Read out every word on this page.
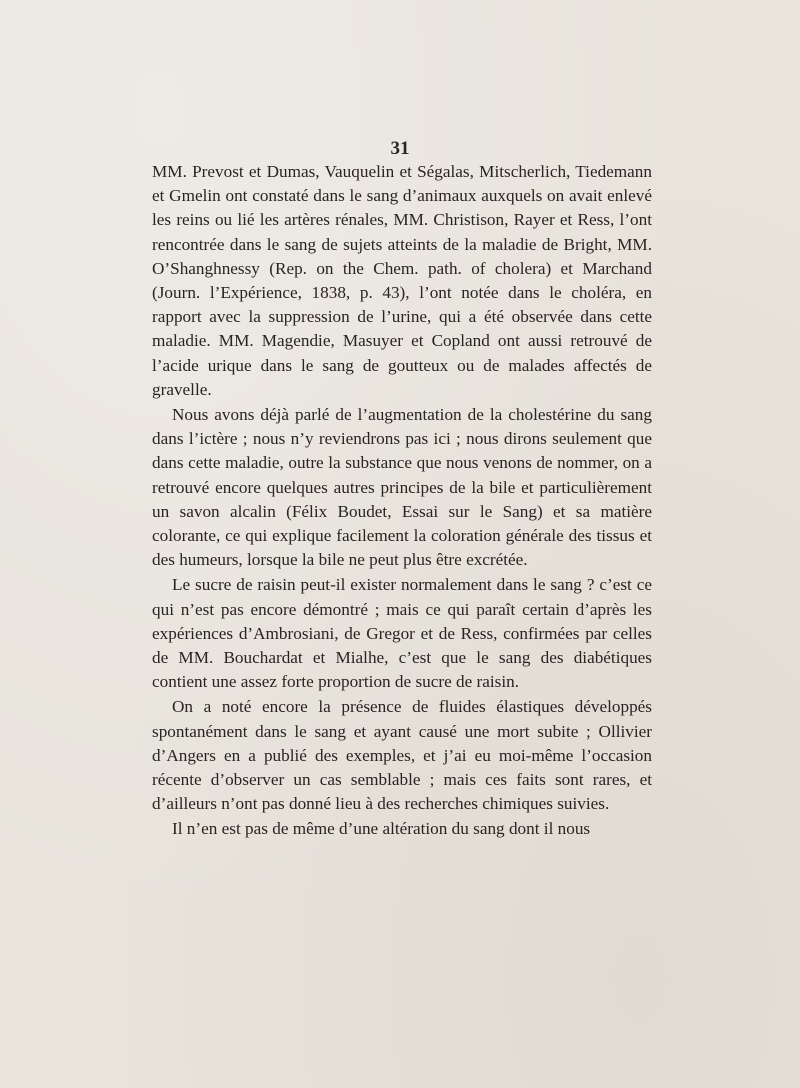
31

MM. Prevost et Dumas, Vauquelin et Ségalas, Mitscherlich, Tiedemann et Gmelin ont constaté dans le sang d’animaux auxquels on avait enlevé les reins ou lié les artères rénales, MM. Christison, Rayer et Ress, l’ont rencontrée dans le sang de sujets atteints de la maladie de Bright, MM. O’Shanghnessy (Rep. on the Chem. path. of cholera) et Marchand (Journ. l’Expérience, 1838, p. 43), l’ont notée dans le choléra, en rapport avec la suppression de l’urine, qui a été observée dans cette maladie. MM. Magendie, Masuyer et Copland ont aussi retrouvé de l’acide urique dans le sang de goutteux ou de malades affectés de gravelle.

Nous avons déjà parlé de l’augmentation de la cholestérine du sang dans l’ictère ; nous n’y reviendrons pas ici ; nous dirons seulement que dans cette maladie, outre la substance que nous venons de nommer, on a retrouvé encore quelques autres principes de la bile et particulièrement un savon alcalin (Félix Boudet, Essai sur le Sang) et sa matière colorante, ce qui explique facilement la coloration générale des tissus et des humeurs, lorsque la bile ne peut plus être excrétée.

Le sucre de raisin peut-il exister normalement dans le sang ? c’est ce qui n’est pas encore démontré ; mais ce qui paraît certain d’après les expériences d’Ambrosiani, de Gregor et de Ress, confirmées par celles de MM. Bouchardat et Mialhe, c’est que le sang des diabétiques contient une assez forte proportion de sucre de raisin.

On a noté encore la présence de fluides élastiques développés spontanément dans le sang et ayant causé une mort subite ; Ollivier d’Angers en a publié des exemples, et j’ai eu moi-même l’occasion récente d’observer un cas semblable ; mais ces faits sont rares, et d’ailleurs n’ont pas donné lieu à des recherches chimiques suivies.

Il n’en est pas de même d’une altération du sang dont il nous
